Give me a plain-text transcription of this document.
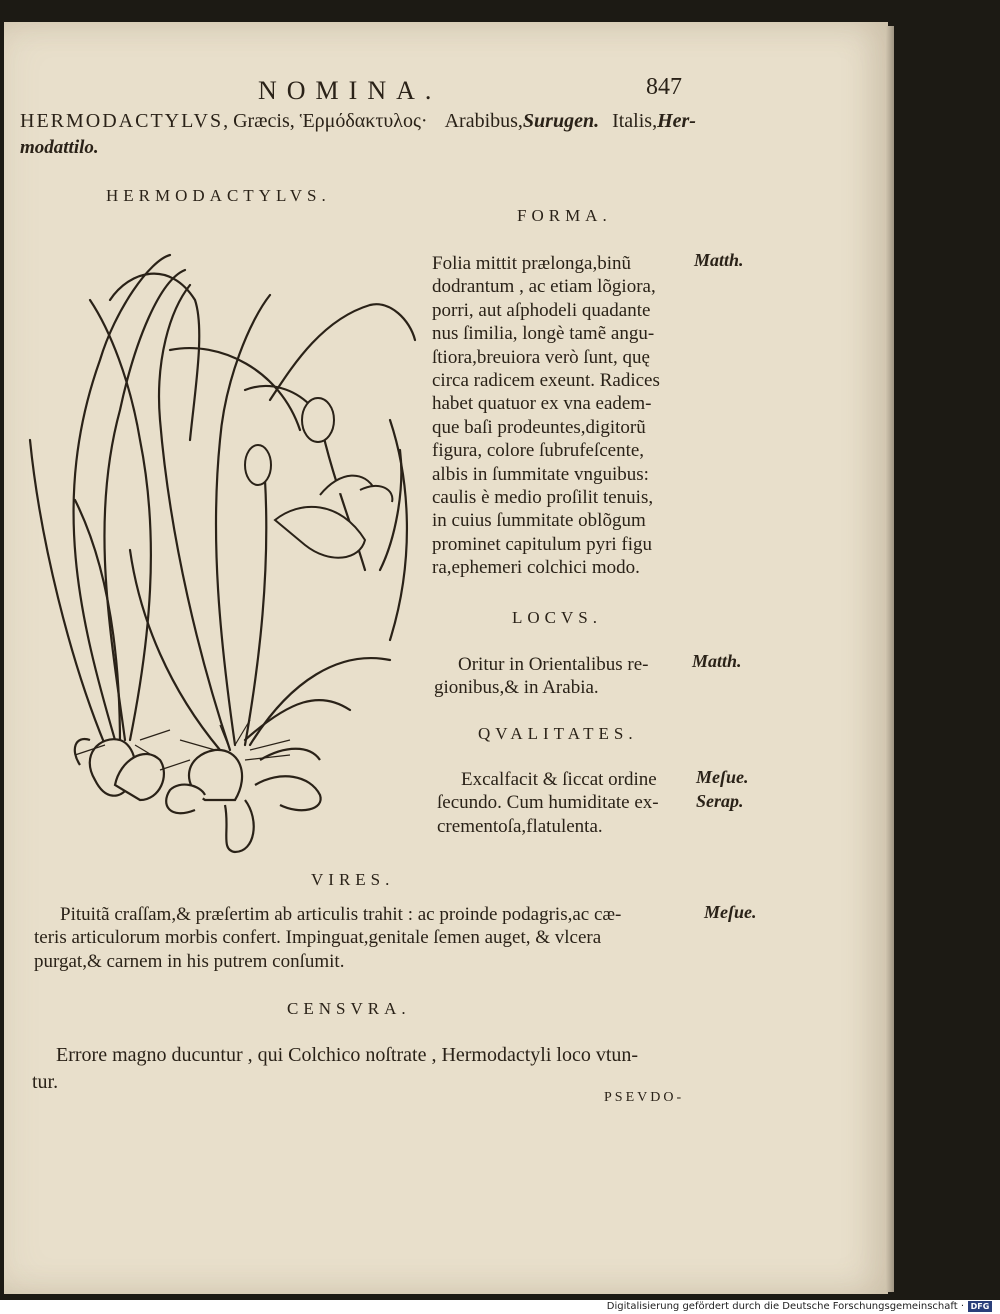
NOMINA.	847
HERMODACTYLVS, Græcis, Ἑρμόδακτυλος· Arabibus,Surugen. Italis,Her-
modattilo.
HERMODACTYLVS.
FORMA.
Folia mittit prælonga,binũ
dodrantum , ac etiam lõgiora,
porri, aut aſphodeli quadante
nus ſimilia, longè tamẽ angu-
ſtiora,breuiora verò ſunt, quę
circa radicem exeunt. Radices
habet quatuor ex vna eadem-
que baſi prodeuntes,digitorũ
figura, colore ſubrufeſcente,
albis in ſummitate vnguibus:
caulis è medio proſilit tenuis,
in cuius ſummitate oblõgum
prominet capitulum pyri figu
ra,ephemeri colchici modo.
Matth.
LOCVS.
Oritur in Orientalibus re-
gionibus,& in Arabia.
Matth.
QVALITATES.
Excalfacit & ſiccat ordine
ſecundo. Cum humiditate ex-
crementoſa,flatulenta.
Meſue.
Serap.
VIRES.
Pituitã craſſam,& præſertim ab articulis trahit : ac proinde podagris,ac cæ-
teris articulorum morbis confert. Impinguat,genitale ſemen auget, & vlcera
purgat,& carnem in his putrem conſumit.
Meſue.
CENSVRA.
Errore magno ducuntur , qui Colchico noſtrate , Hermodactyli loco vtun-
tur.
PSEVDO-
Digitalisierung gefördert durch die Deutsche Forschungsgemeinschaft · DFG
